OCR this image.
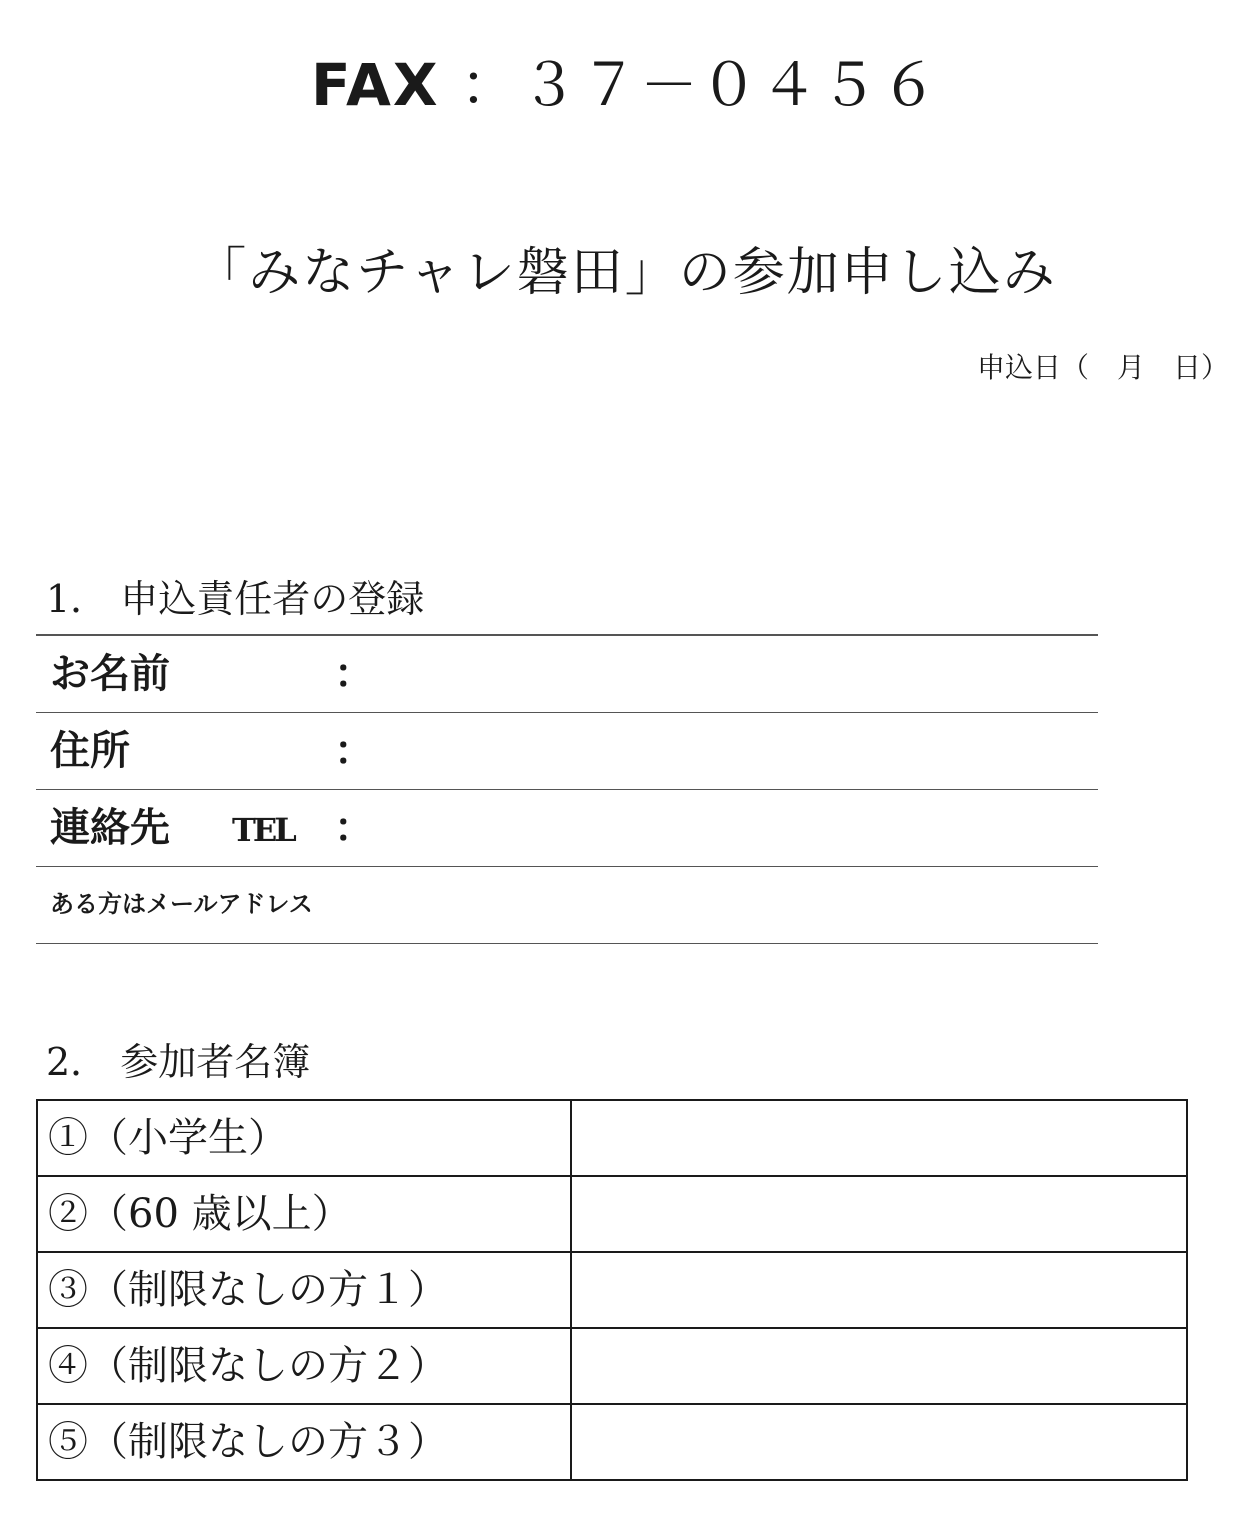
FAX ：３７－０４５６
「みなチャレ磐田」の参加申し込み
申込日（　月　日）
1． 申込責任者の登録
お名前	：
住所	：
連絡先 TEL ：
ある方はメールアドレス
2． 参加者名簿
①（小学生）	
②（60 歳以上）	
③（制限なしの方１）	
④（制限なしの方２）	
⑤（制限なしの方３）	
